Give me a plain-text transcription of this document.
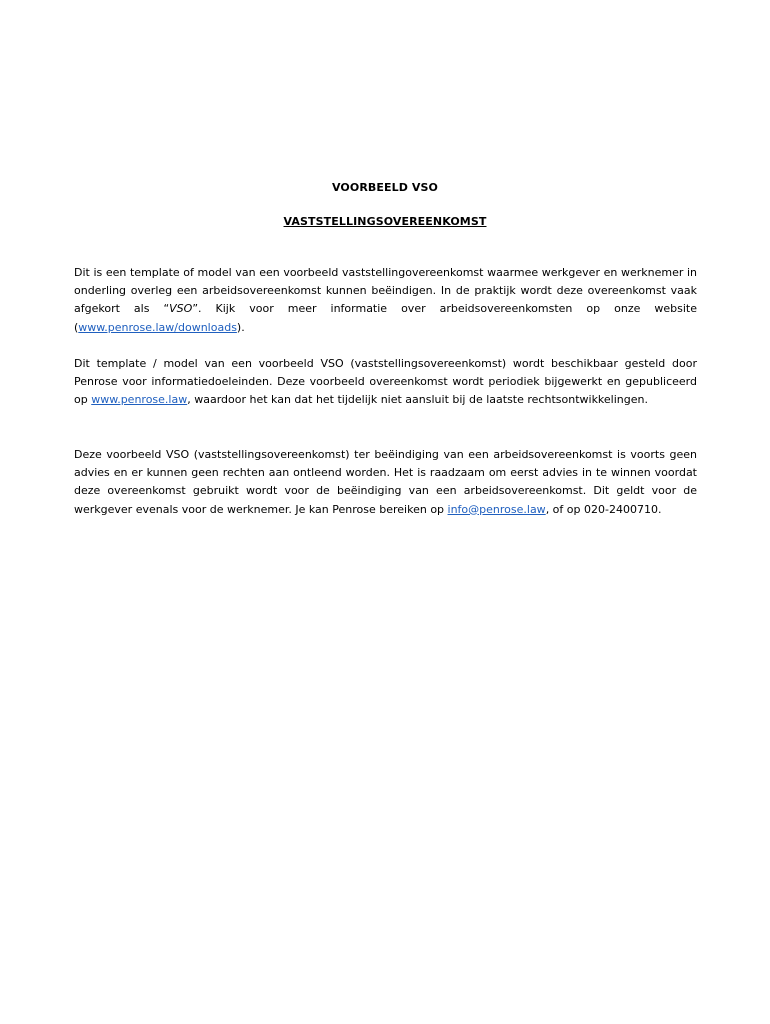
VOORBEELD VSO
VASTSTELLINGSOVEREENKOMST

Dit is een template of model van een voorbeeld vaststellingovereenkomst waarmee werkgever en werknemer in onderling overleg een arbeidsovereenkomst kunnen beëindigen. In de praktijk wordt deze overeenkomst vaak afgekort als “VSO”. Kijk voor meer informatie over arbeidsovereenkomsten op onze website (www.penrose.law/downloads).

Dit template / model van een voorbeeld VSO (vaststellingsovereenkomst) wordt beschikbaar gesteld door Penrose voor informatiedoeleinden. Deze voorbeeld overeenkomst wordt periodiek bijgewerkt en gepubliceerd op www.penrose.law, waardoor het kan dat het tijdelijk niet aansluit bij de laatste rechtsontwikkelingen.

Deze voorbeeld VSO (vaststellingsovereenkomst) ter beëindiging van een arbeidsovereenkomst is voorts geen advies en er kunnen geen rechten aan ontleend worden. Het is raadzaam om eerst advies in te winnen voordat deze overeenkomst gebruikt wordt voor de beëindiging van een arbeidsovereenkomst. Dit geldt voor de werkgever evenals voor de werknemer. Je kan Penrose bereiken op info@penrose.law, of op 020-2400710.
